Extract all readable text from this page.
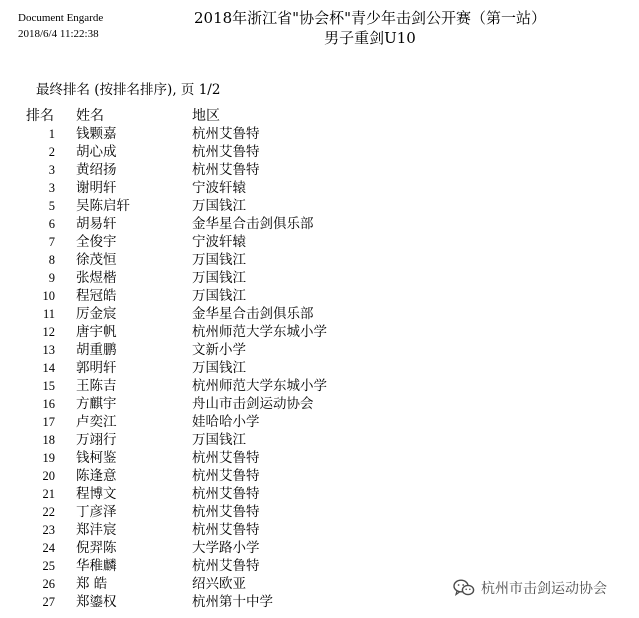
Document Engarde
2018/6/4 11:22:38
2018年浙江省"协会杯"青少年击剑公开赛（第一站）
男子重剑U10
最终排名 (按排名排序), 页 1/2
排名	姓名	地区
1	钱颗嘉	杭州艾鲁特
2	胡心成	杭州艾鲁特
3	黄绍扬	杭州艾鲁特
3	谢明轩	宁波轩辕
5	吴陈启轩	万国钱江
6	胡易轩	金华星合击剑俱乐部
7	全俊宇	宁波轩辕
8	徐茂恒	万国钱江
9	张煜楷	万国钱江
10	程冠皓	万国钱江
11	厉金宸	金华星合击剑俱乐部
12	唐宇帆	杭州师范大学东城小学
13	胡重鹏	文新小学
14	郭明轩	万国钱江
15	王陈吉	杭州师范大学东城小学
16	方麒宇	舟山市击剑运动协会
17	卢奕江	娃哈哈小学
18	万翊行	万国钱江
19	钱柯鉴	杭州艾鲁特
20	陈逢意	杭州艾鲁特
21	程博文	杭州艾鲁特
22	丁彦泽	杭州艾鲁特
23	郑沣宸	杭州艾鲁特
24	倪羿陈	大学路小学
25	华稚麟	杭州艾鲁特
26	郑 皓	绍兴欧亚
27	郑鎏权	杭州第十中学
杭州市击剑运动协会
